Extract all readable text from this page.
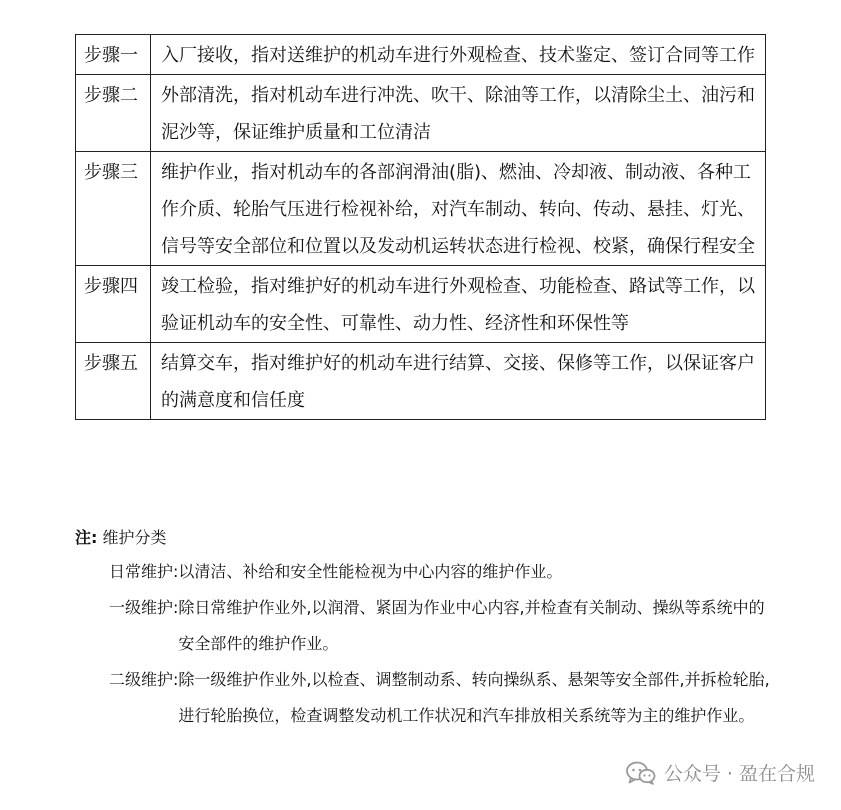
步骤一	入厂接收，指对送维护的机动车进行外观检查、技术鉴定、签订合同等工作
步骤二	外部清洗，指对机动车进行冲洗、吹干、除油等工作，以清除尘土、油污和泥沙等，保证维护质量和工位清洁
步骤三	维护作业，指对机动车的各部润滑油(脂)、燃油、冷却液、制动液、各种工作介质、轮胎气压进行检视补给，对汽车制动、转向、传动、悬挂、灯光、信号等安全部位和位置以及发动机运转状态进行检视、校紧，确保行程安全
步骤四	竣工检验，指对维护好的机动车进行外观检查、功能检查、路试等工作，以验证机动车的安全性、可靠性、动力性、经济性和环保性等
步骤五	结算交车，指对维护好的机动车进行结算、交接、保修等工作，以保证客户的满意度和信任度
注: 维护分类
日常维护: 以清洁、补给和安全性能检视为中心内容的维护作业。
一级维护: 除日常维护作业外,以润滑、紧固为作业中心内容,并检查有关制动、操纵等系统中的安全部件的维护作业。
二级维护: 除一级维护作业外,以检查、调整制动系、转向操纵系、悬架等安全部件,并拆检轮胎,进行轮胎换位，检查调整发动机工作状况和汽车排放相关系统等为主的维护作业。
公众号 · 盈在合规
